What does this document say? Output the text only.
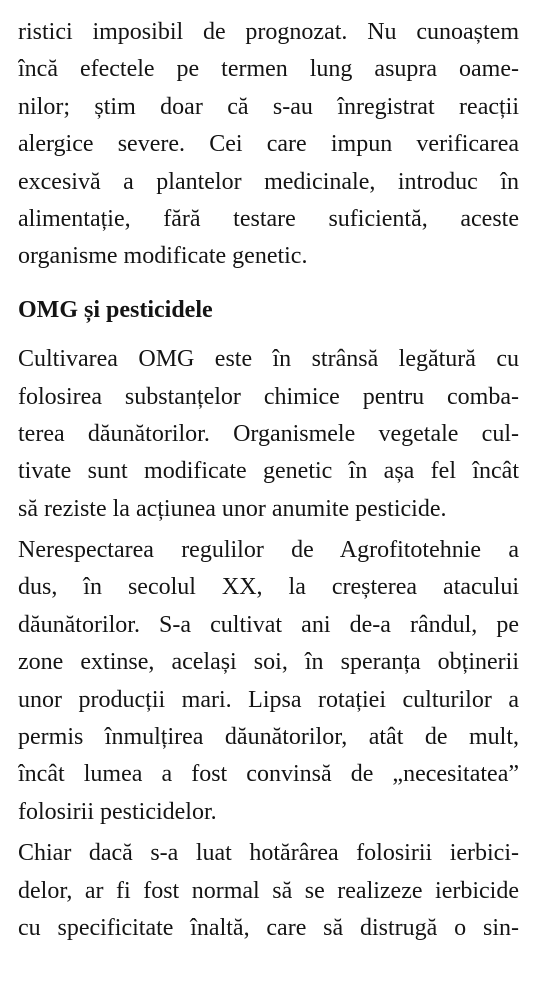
ristici imposibil de prognozat. Nu cunoaștem
încă efectele pe termen lung asupra oame-
nilor; știm doar că s-au înregistrat reacții
alergice severe. Cei care impun verificarea
excesivă a plantelor medicinale, introduc în
alimentație, fără testare suficientă, aceste
organisme modificate genetic.
OMG și pesticidele
Cultivarea OMG este în strânsă legătură cu
folosirea substanțelor chimice pentru comba-
terea dăunătorilor. Organismele vegetale cul-
tivate sunt modificate genetic în așa fel încât
să reziste la acțiunea unor anumite pesticide.
Nerespectarea regulilor de Agrofitotehnie a
dus, în secolul XX, la creșterea atacului
dăunătorilor. S-a cultivat ani de-a rândul, pe
zone extinse, același soi, în speranța obținerii
unor producții mari. Lipsa rotației culturilor a
permis înmulțirea dăunătorilor, atât de mult,
încât lumea a fost convinsă de „necesitatea”
folosirii pesticidelor.
Chiar dacă s-a luat hotărârea folosirii ierbici-
delor, ar fi fost normal să se realizeze ierbicide
cu specificitate înaltă, care să distrugă o sin-
